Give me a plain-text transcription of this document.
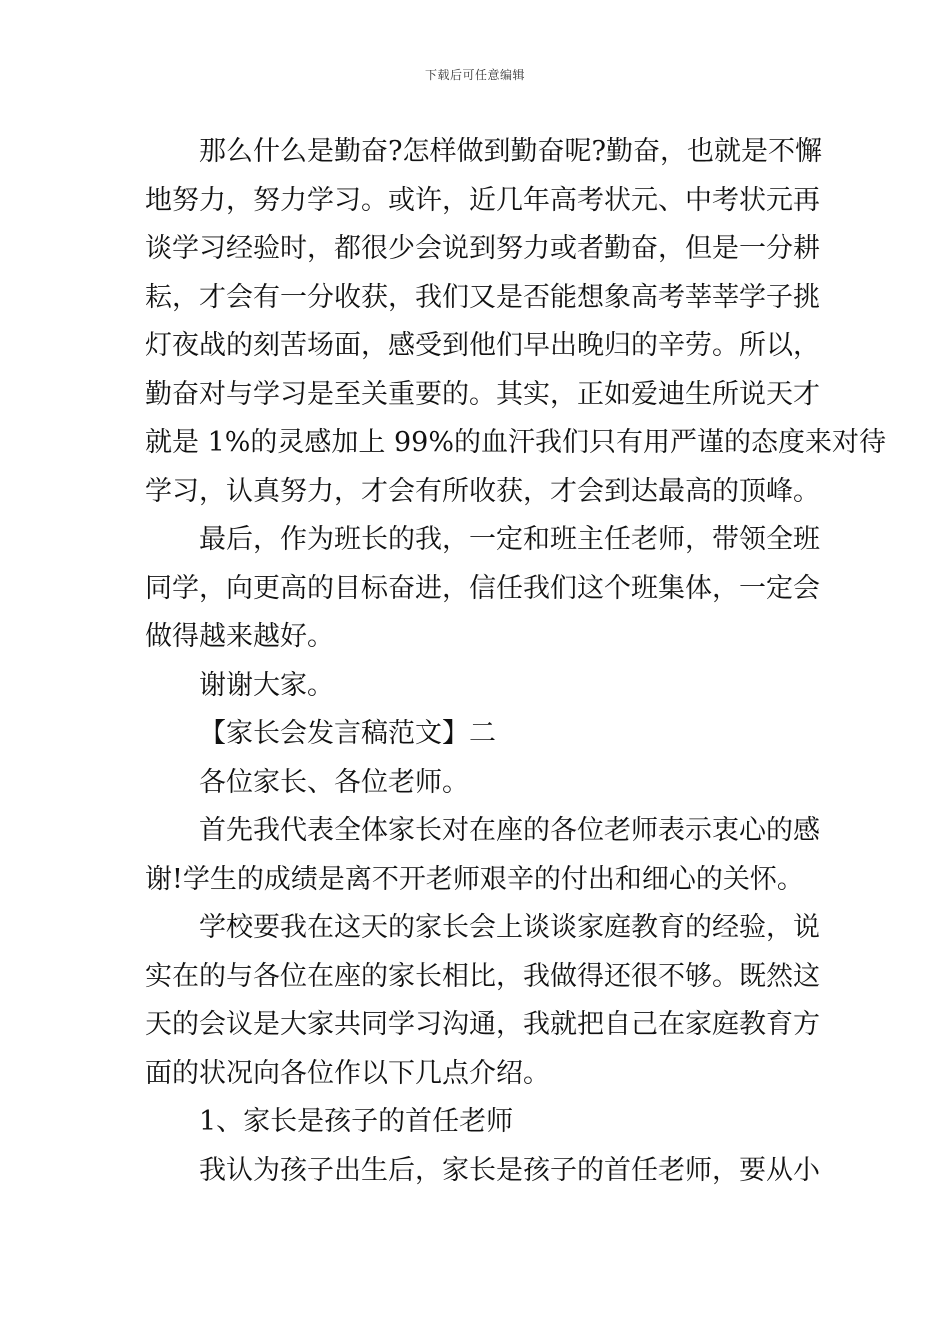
下载后可任意编辑
那么什么是勤奋?怎样做到勤奋呢?勤奋，也就是不懈
地努力，努力学习。或许，近几年高考状元、中考状元再
谈学习经验时，都很少会说到努力或者勤奋，但是一分耕
耘，才会有一分收获，我们又是否能想象高考莘莘学子挑
灯夜战的刻苦场面，感受到他们早出晚归的辛劳。所以，
勤奋对与学习是至关重要的。其实，正如爱迪生所说天才
就是 1%的灵感加上 99%的血汗我们只有用严谨的态度来对待
学习，认真努力，才会有所收获，才会到达最高的顶峰。
最后，作为班长的我，一定和班主任老师，带领全班
同学，向更高的目标奋进，信任我们这个班集体，一定会
做得越来越好。
谢谢大家。
【家长会发言稿范文】二
各位家长、各位老师。
首先我代表全体家长对在座的各位老师表示衷心的感
谢!学生的成绩是离不开老师艰辛的付出和细心的关怀。
学校要我在这天的家长会上谈谈家庭教育的经验，说
实在的与各位在座的家长相比，我做得还很不够。既然这
天的会议是大家共同学习沟通，我就把自己在家庭教育方
面的状况向各位作以下几点介绍。
1、家长是孩子的首任老师
我认为孩子出生后，家长是孩子的首任老师，要从小
